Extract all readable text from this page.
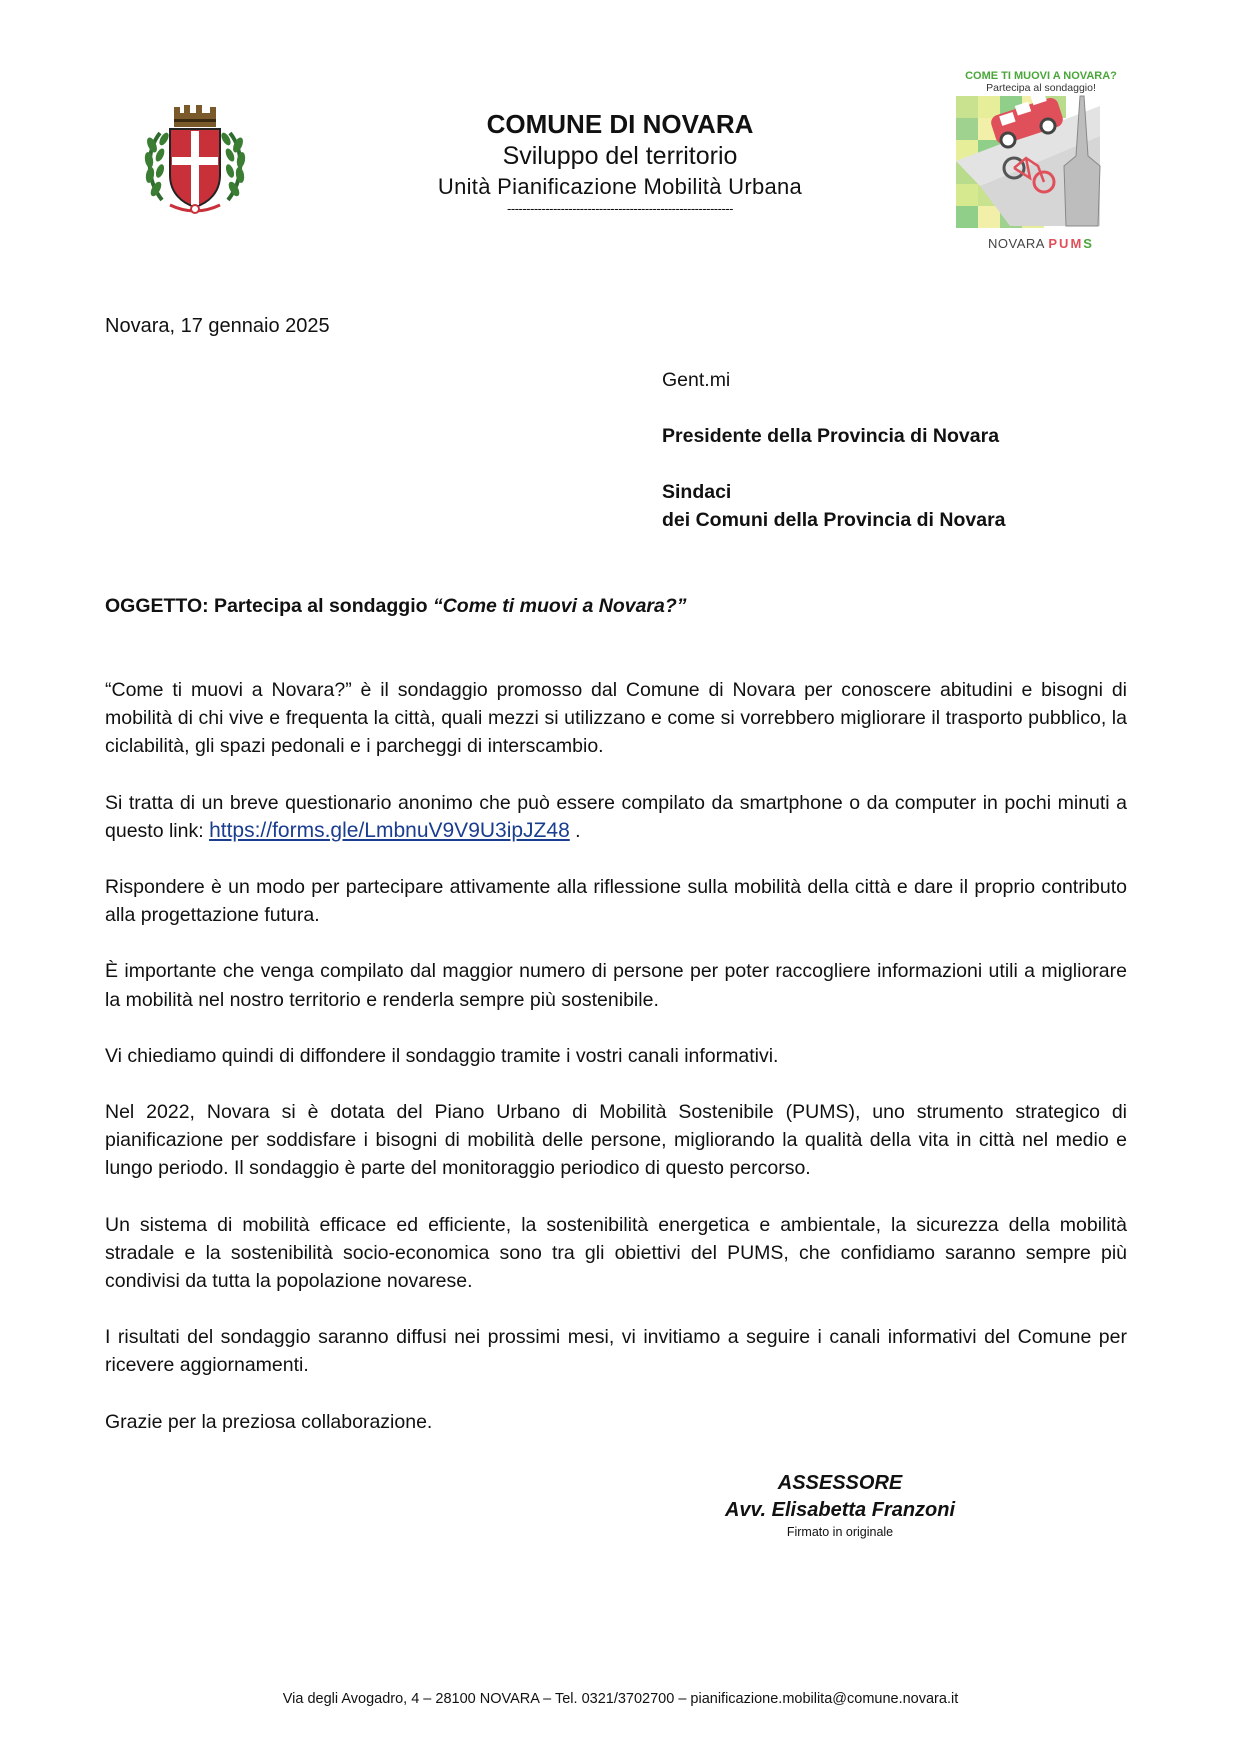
COMUNE DI NOVARA
Sviluppo del territorio
Unità Pianificazione Mobilità Urbana
-----------------------------------------------------------
COME TI MUOVI A NOVARA?
Partecipa al sondaggio!
NOVARA PUMS
Novara, 17 gennaio 2025
Gent.mi
Presidente della Provincia di Novara
Sindaci
dei Comuni della Provincia di Novara
OGGETTO: Partecipa al sondaggio “Come ti muovi a Novara?”

“Come ti muovi a Novara?” è il sondaggio promosso dal Comune di Novara per conoscere abitudini e bisogni di mobilità di chi vive e frequenta la città, quali mezzi si utilizzano e come si vorrebbero migliorare il trasporto pubblico, la ciclabilità, gli spazi pedonali e i parcheggi di interscambio.

Si tratta di un breve questionario anonimo che può essere compilato da smartphone o da computer in pochi minuti a questo link: https://forms.gle/LmbnuV9V9U3ipJZ48 .

Rispondere è un modo per partecipare attivamente alla riflessione sulla mobilità della città e dare il proprio contributo alla progettazione futura.

È importante che venga compilato dal maggior numero di persone per poter raccogliere informazioni utili a migliorare la mobilità nel nostro territorio e renderla sempre più sostenibile.

Vi chiediamo quindi di diffondere il sondaggio tramite i vostri canali informativi.

Nel 2022, Novara si è dotata del Piano Urbano di Mobilità Sostenibile (PUMS), uno strumento strategico di pianificazione per soddisfare i bisogni di mobilità delle persone, migliorando la qualità della vita in città nel medio e lungo periodo. Il sondaggio è parte del monitoraggio periodico di questo percorso.

Un sistema di mobilità efficace ed efficiente, la sostenibilità energetica e ambientale, la sicurezza della mobilità stradale e la sostenibilità socio-economica sono tra gli obiettivi del PUMS, che confidiamo saranno sempre più condivisi da tutta la popolazione novarese.

I risultati del sondaggio saranno diffusi nei prossimi mesi, vi invitiamo a seguire i canali informativi del Comune per ricevere aggiornamenti.

Grazie per la preziosa collaborazione.

ASSESSORE
Avv. Elisabetta Franzoni
Firmato in originale
Via degli Avogadro, 4 – 28100 NOVARA – Tel. 0321/3702700 – pianificazione.mobilita@comune.novara.it
